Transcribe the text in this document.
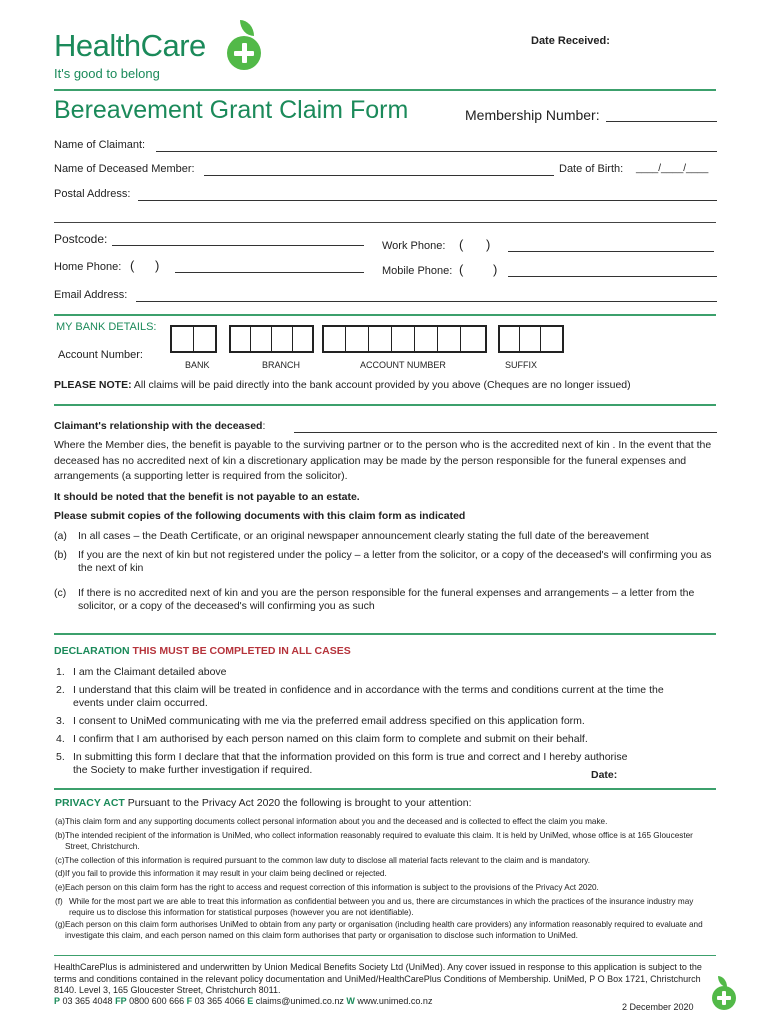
HealthCare
It's good to belong
Date Received:
Bereavement Grant Claim Form	Membership Number:
Name of Claimant:
Name of Deceased Member:	Date of Birth: ____/____/____
Postal Address:
Postcode:	Work Phone: ( )
Home Phone: ( )	Mobile Phone: ( )
Email Address:
MY BANK DETAILS:
Account Number:
BANK	BRANCH	ACCOUNT NUMBER	SUFFIX
PLEASE NOTE: All claims will be paid directly into the bank account provided by you above (Cheques are no longer issued)
Claimant's relationship with the deceased:
Where the Member dies, the benefit is payable to the surviving partner or to the person who is the accredited next of kin . In the event that the deceased has no accredited next of kin a discretionary application may be made by the person responsible for the funeral expenses and arrangements (a supporting letter is required from the solicitor).
It should be noted that the benefit is not payable to an estate.
Please submit copies of the following documents with this claim form as indicated
(a)	In all cases – the Death Certificate, or an original newspaper announcement clearly stating the full date of the bereavement
(b)	If you are the next of kin but not registered under the policy – a letter from the solicitor, or a copy of the deceased's will confirming you as the next of kin
(c)	If there is no accredited next of kin and you are the person responsible for the funeral expenses and arrangements – a letter from the solicitor, or a copy of the deceased's will confirming you as such
DECLARATION THIS MUST BE COMPLETED IN ALL CASES
1. I am the Claimant detailed above
2. I understand that this claim will be treated in confidence and in accordance with the terms and conditions current at the time the events under claim occurred.
3. I consent to UniMed communicating with me via the preferred email address specified on this application form.
4. I confirm that I am authorised by each person named on this claim form to complete and submit on their behalf.
5. In submitting this form I declare that that the information provided on this form is true and correct and I hereby authorise the Society to make further investigation if required.	Date:
PRIVACY ACT Pursuant to the Privacy Act 2020 the following is brought to your attention:
(a) This claim form and any supporting documents collect personal information about you and the deceased and is collected to effect the claim you make.
(b) The intended recipient of the information is UniMed, who collect information reasonably required to evaluate this claim. It is held by UniMed, whose office is at 165 Gloucester Street, Christchurch.
(c) The collection of this information is required pursuant to the common law duty to disclose all material facts relevant to the claim and is mandatory.
(d) If you fail to provide this information it may result in your claim being declined or rejected.
(e) Each person on this claim form has the right to access and request correction of this information is subject to the provisions of the Privacy Act 2020.
(f) While for the most part we are able to treat this information as confidential between you and us, there are circumstances in which the practices of the insurance industry may require us to disclose this information for statistical purposes (however you are not identifiable).
(g) Each person on this claim form authorises UniMed to obtain from any party or organisation (including health care providers) any information reasonably required to evaluate and investigate this claim, and each person named on this claim form authorises that party or organisation to disclose such information to UniMed.
HealthCarePlus is administered and underwritten by Union Medical Benefits Society Ltd (UniMed). Any cover issued in response to this application is subject to the terms and conditions contained in the relevant policy documentation and UniMed/HealthCarePlus Conditions of Membership. UniMed, P O Box 1721, Christchurch 8140. Level 3, 165 Gloucester Street, Christchurch 8011.
P 03 365 4048 FP 0800 600 666 F 03 365 4066 E claims@unimed.co.nz W www.unimed.co.nz
2 December 2020
